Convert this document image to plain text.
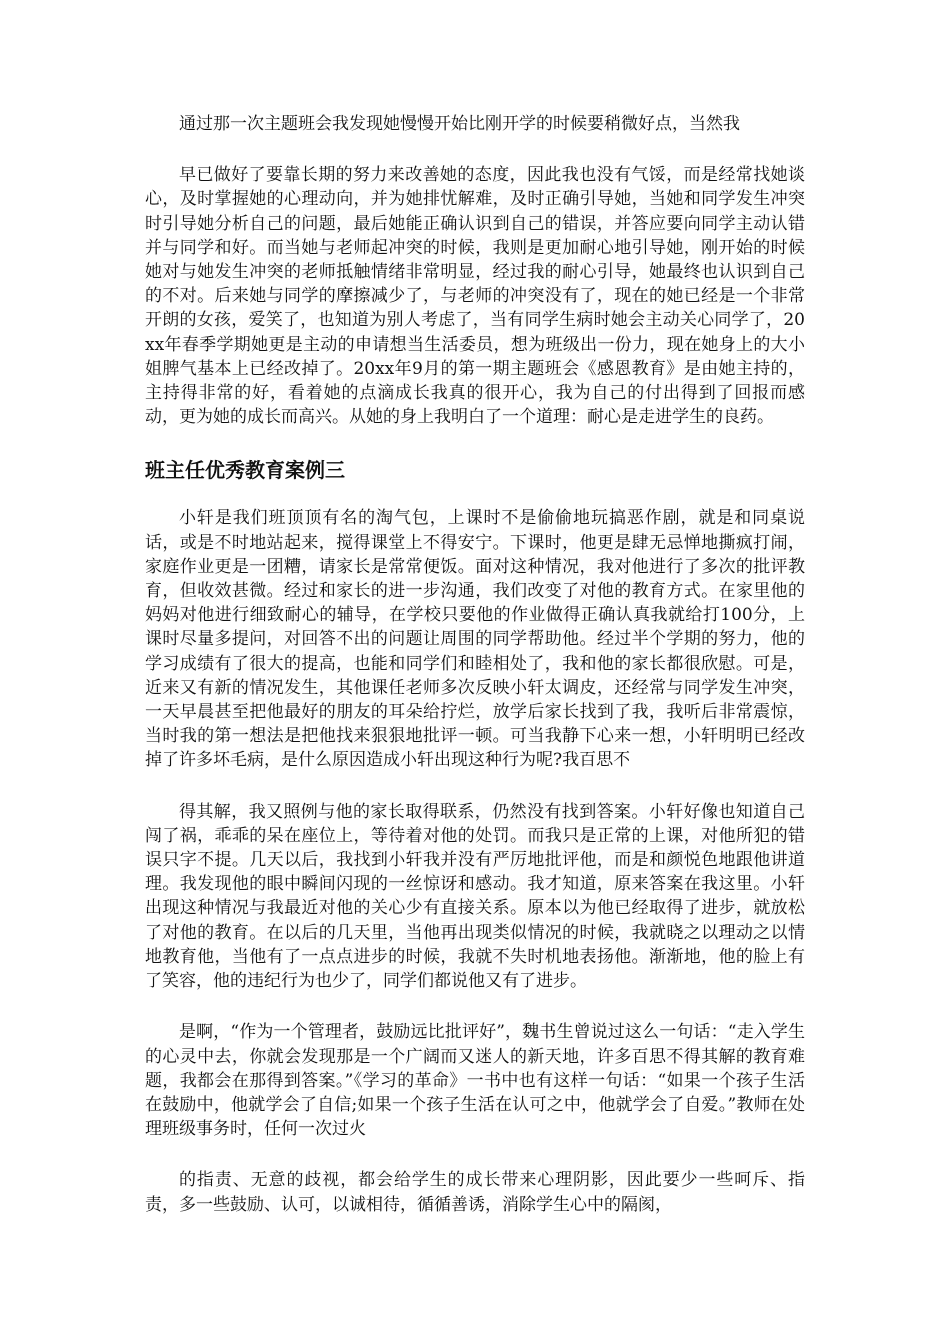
通过那一次主题班会我发现她慢慢开始比刚开学的时候要稍微好点，当然我

早已做好了要靠长期的努力来改善她的态度，因此我也没有气馁，而是经常找她谈心，及时掌握她的心理动向，并为她排忧解难，及时正确引导她，当她和同学发生冲突时引导她分析自己的问题，最后她能正确认识到自己的错误，并答应要向同学主动认错并与同学和好。而当她与老师起冲突的时候，我则是更加耐心地引导她，刚开始的时候她对与她发生冲突的老师抵触情绪非常明显，经过我的耐心引导，她最终也认识到自己的不对。后来她与同学的摩擦减少了，与老师的冲突没有了，现在的她已经是一个非常开朗的女孩，爱笑了，也知道为别人考虑了，当有同学生病时她会主动关心同学了，20xx年春季学期她更是主动的申请想当生活委员，想为班级出一份力，现在她身上的大小姐脾气基本上已经改掉了。20xx年9月的第一期主题班会《感恩教育》是由她主持的，主持得非常的好，看着她的点滴成长我真的很开心，我为自己的付出得到了回报而感动，更为她的成长而高兴。从她的身上我明白了一个道理：耐心是走进学生的良药。

班主任优秀教育案例三

小轩是我们班顶顶有名的淘气包，上课时不是偷偷地玩搞恶作剧，就是和同桌说话，或是不时地站起来，搅得课堂上不得安宁。下课时，他更是肆无忌惮地撕疯打闹，家庭作业更是一团糟，请家长是常常便饭。面对这种情况，我对他进行了多次的批评教育，但收效甚微。经过和家长的进一步沟通，我们改变了对他的教育方式。在家里他的妈妈对他进行细致耐心的辅导，在学校只要他的作业做得正确认真我就给打100分，上课时尽量多提问，对回答不出的问题让周围的同学帮助他。经过半个学期的努力，他的学习成绩有了很大的提高，也能和同学们和睦相处了，我和他的家长都很欣慰。可是，近来又有新的情况发生，其他课任老师多次反映小轩太调皮，还经常与同学发生冲突，一天早晨甚至把他最好的朋友的耳朵给拧烂，放学后家长找到了我，我听后非常震惊，当时我的第一想法是把他找来狠狠地批评一顿。可当我静下心来一想，小轩明明已经改掉了许多坏毛病，是什么原因造成小轩出现这种行为呢?我百思不

得其解，我又照例与他的家长取得联系，仍然没有找到答案。小轩好像也知道自己闯了祸，乖乖的呆在座位上，等待着对他的处罚。而我只是正常的上课，对他所犯的错误只字不提。几天以后，我找到小轩我并没有严厉地批评他，而是和颜悦色地跟他讲道理。我发现他的眼中瞬间闪现的一丝惊讶和感动。我才知道，原来答案在我这里。小轩出现这种情况与我最近对他的关心少有直接关系。原本以为他已经取得了进步，就放松了对他的教育。在以后的几天里，当他再出现类似情况的时候，我就晓之以理动之以情地教育他，当他有了一点点进步的时候，我就不失时机地表扬他。渐渐地，他的脸上有了笑容，他的违纪行为也少了，同学们都说他又有了进步。

是啊，“作为一个管理者，鼓励远比批评好”，魏书生曾说过这么一句话：“走入学生的心灵中去，你就会发现那是一个广阔而又迷人的新天地，许多百思不得其解的教育难题，我都会在那得到答案。”《学习的革命》一书中也有这样一句话：“如果一个孩子生活在鼓励中，他就学会了自信;如果一个孩子生活在认可之中，他就学会了自爱。”教师在处理班级事务时，任何一次过火

的指责、无意的歧视，都会给学生的成长带来心理阴影，因此要少一些呵斥、指责，多一些鼓励、认可，以诚相待，循循善诱，消除学生心中的隔阂，
